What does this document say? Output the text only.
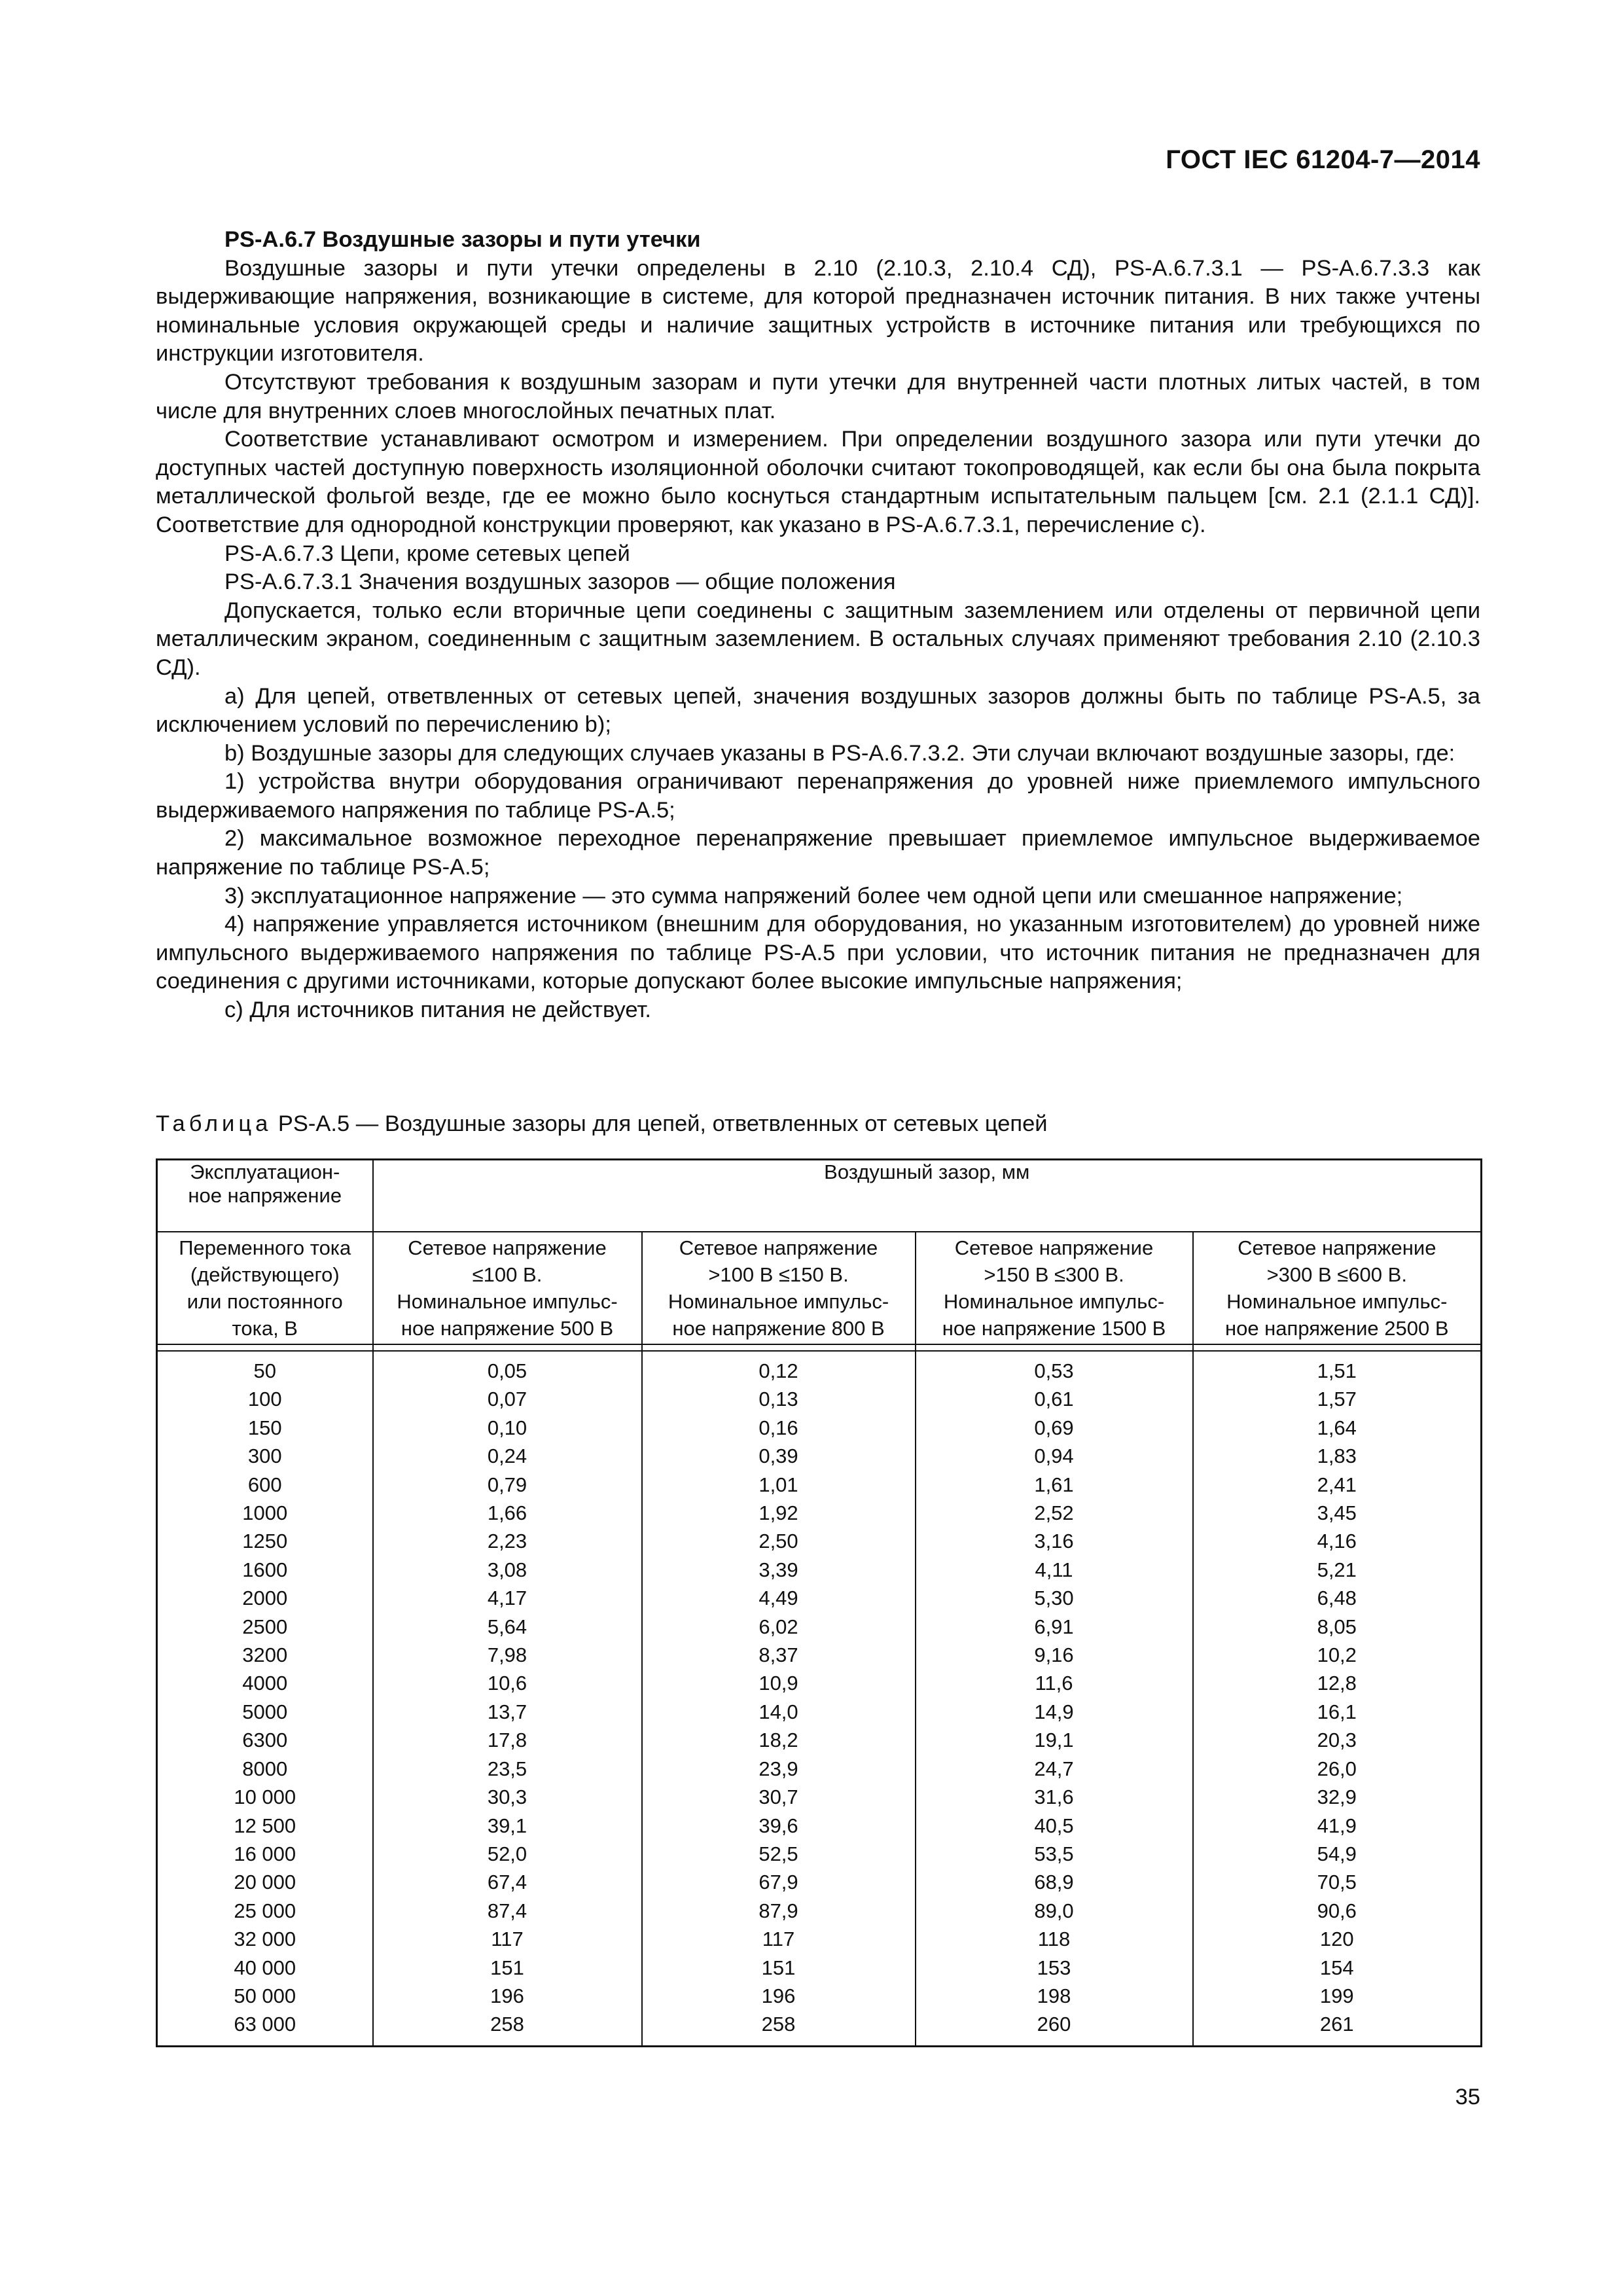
ГОСТ IEC 61204-7—2014

PS-A.6.7 Воздушные зазоры и пути утечки

Воздушные зазоры и пути утечки определены в 2.10 (2.10.3, 2.10.4 СД), PS-A.6.7.3.1 — PS-A.6.7.3.3 как выдерживающие напряжения, возникающие в системе, для которой предназначен источник питания. В них также учтены номинальные условия окружающей среды и наличие защитных устройств в источнике питания или требующихся по инструкции изготовителя.

Отсутствуют требования к воздушным зазорам и пути утечки для внутренней части плотных литых частей, в том числе для внутренних слоев многослойных печатных плат.

Соответствие устанавливают осмотром и измерением. При определении воздушного зазора или пути утечки до доступных частей доступную поверхность изоляционной оболочки считают токопроводящей, как если бы она была покрыта металлической фольгой везде, где ее можно было коснуться стандартным испытательным пальцем [см. 2.1 (2.1.1 СД)]. Соответствие для однородной конструкции проверяют, как указано в PS-A.6.7.3.1, перечисление с).

PS-A.6.7.3 Цепи, кроме сетевых цепей

PS-A.6.7.3.1 Значения воздушных зазоров — общие положения

Допускается, только если вторичные цепи соединены с защитным заземлением или отделены от первичной цепи металлическим экраном, соединенным с защитным заземлением. В остальных случаях применяют требования 2.10 (2.10.3 СД).

а) Для цепей, ответвленных от сетевых цепей, значения воздушных зазоров должны быть по таблице PS-A.5, за исключением условий по перечислению b);

b) Воздушные зазоры для следующих случаев указаны в PS-A.6.7.3.2. Эти случаи включают воздушные зазоры, где:

1) устройства внутри оборудования ограничивают перенапряжения до уровней ниже приемлемого импульсного выдерживаемого напряжения по таблице PS-A.5;

2) максимальное возможное переходное перенапряжение превышает приемлемое импульсное выдерживаемое напряжение по таблице PS-A.5;

3) эксплуатационное напряжение — это сумма напряжений более чем одной цепи или смешанное напряжение;

4) напряжение управляется источником (внешним для оборудования, но указанным изготовителем) до уровней ниже импульсного выдерживаемого напряжения по таблице PS-A.5 при условии, что источник питания не предназначен для соединения с другими источниками, которые допускают более высокие импульсные напряжения;

с) Для источников питания не действует.

Таблица PS-A.5 — Воздушные зазоры для цепей, ответвленных от сетевых цепей
Эксплуатацион-
ное напряжение	Воздушный зазор, мм			
Переменного тока
(действующего)
или постоянного
тока, В	Сетевое напряжение
≤100 В.
Номинальное импульс-
ное напряжение 500 В	Сетевое напряжение
>100 В ≤150 В.
Номинальное импульс-
ное напряжение 800 В	Сетевое напряжение
>150 В ≤300 В.
Номинальное импульс-
ное напряжение 1500 В	Сетевое напряжение
>300 В ≤600 В.
Номинальное импульс-
ное напряжение 2500 В

50	0,05	0,12	0,53	1,51
100	0,07	0,13	0,61	1,57
150	0,10	0,16	0,69	1,64
300	0,24	0,39	0,94	1,83
600	0,79	1,01	1,61	2,41
1000	1,66	1,92	2,52	3,45
1250	2,23	2,50	3,16	4,16
1600	3,08	3,39	4,11	5,21
2000	4,17	4,49	5,30	6,48
2500	5,64	6,02	6,91	8,05
3200	7,98	8,37	9,16	10,2
4000	10,6	10,9	11,6	12,8
5000	13,7	14,0	14,9	16,1
6300	17,8	18,2	19,1	20,3
8000	23,5	23,9	24,7	26,0
10 000	30,3	30,7	31,6	32,9
12 500	39,1	39,6	40,5	41,9
16 000	52,0	52,5	53,5	54,9
20 000	67,4	67,9	68,9	70,5
25 000	87,4	87,9	89,0	90,6
32 000	117	117	118	120
40 000	151	151	153	154
50 000	196	196	198	199
63 000	258	258	260	261
35
